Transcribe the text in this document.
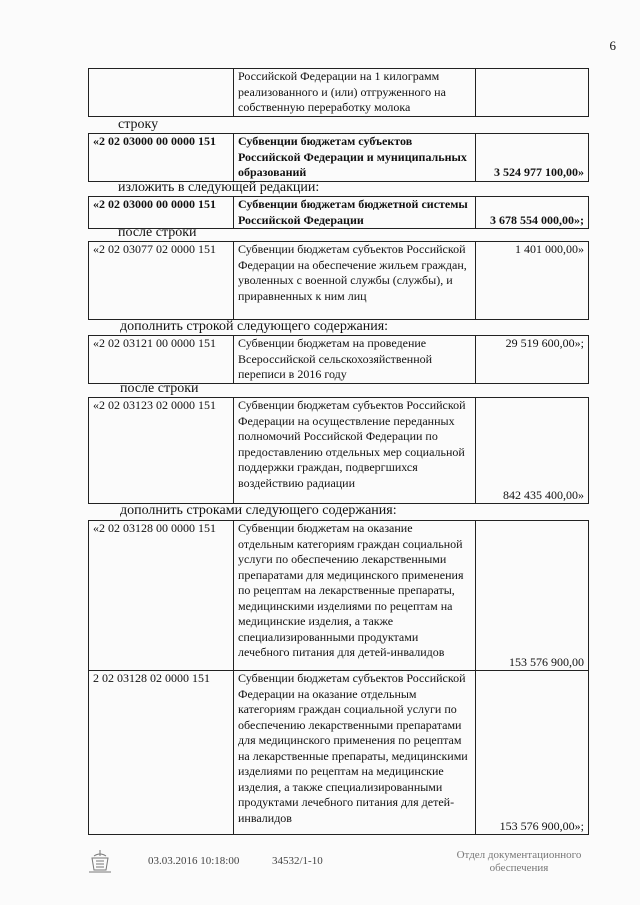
6
	Российской Федерации на 1 килограмм реализованного и (или) отгруженного на собственную переработку молока	
строку
«2 02 03000 00 0000 151	Субвенции бюджетам субъектов Российской Федерации и муниципальных образований	3 524 977 100,00»
изложить в следующей редакции:
«2 02 03000 00 0000 151	Субвенции бюджетам бюджетной системы Российской Федерации	3 678 554 000,00»;
после строки
«2 02 03077 02 0000 151	Субвенции бюджетам субъектов Российской Федерации на обеспечение жильем граждан, уволенных с военной службы (службы), и приравненных к ним лиц	1 401 000,00»
дополнить строкой следующего содержания:
«2 02 03121 00 0000 151	Субвенции бюджетам на проведение Всероссийской сельскохозяйственной переписи в 2016 году	29 519 600,00»;
после строки
«2 02 03123 02 0000 151	Субвенции бюджетам субъектов Российской Федерации на осуществление переданных полномочий Российской Федерации по предоставлению отдельных мер социальной поддержки граждан, подвергшихся воздействию радиации	842 435 400,00»
дополнить строками следующего содержания:
«2 02 03128 00 0000 151	Субвенции бюджетам на оказание отдельным категориям граждан социальной услуги по обеспечению лекарственными препаратами для медицинского применения по рецептам на лекарственные препараты, медицинскими изделиями по рецептам на медицинские изделия, а также специализированными продуктами лечебного питания для детей-инвалидов	153 576 900,00
2 02 03128 02 0000 151	Субвенции бюджетам субъектов Российской Федерации на оказание отдельным категориям граждан социальной услуги по обеспечению лекарственными препаратами для медицинского применения по рецептам на лекарственные препараты, медицинскими изделиями по рецептам на медицинские изделия, а также специализированными продуктами лечебного питания для детей-инвалидов	153 576 900,00»;
03.03.2016 10:18:00	34532/1-10	Отдел документационного обеспечения
